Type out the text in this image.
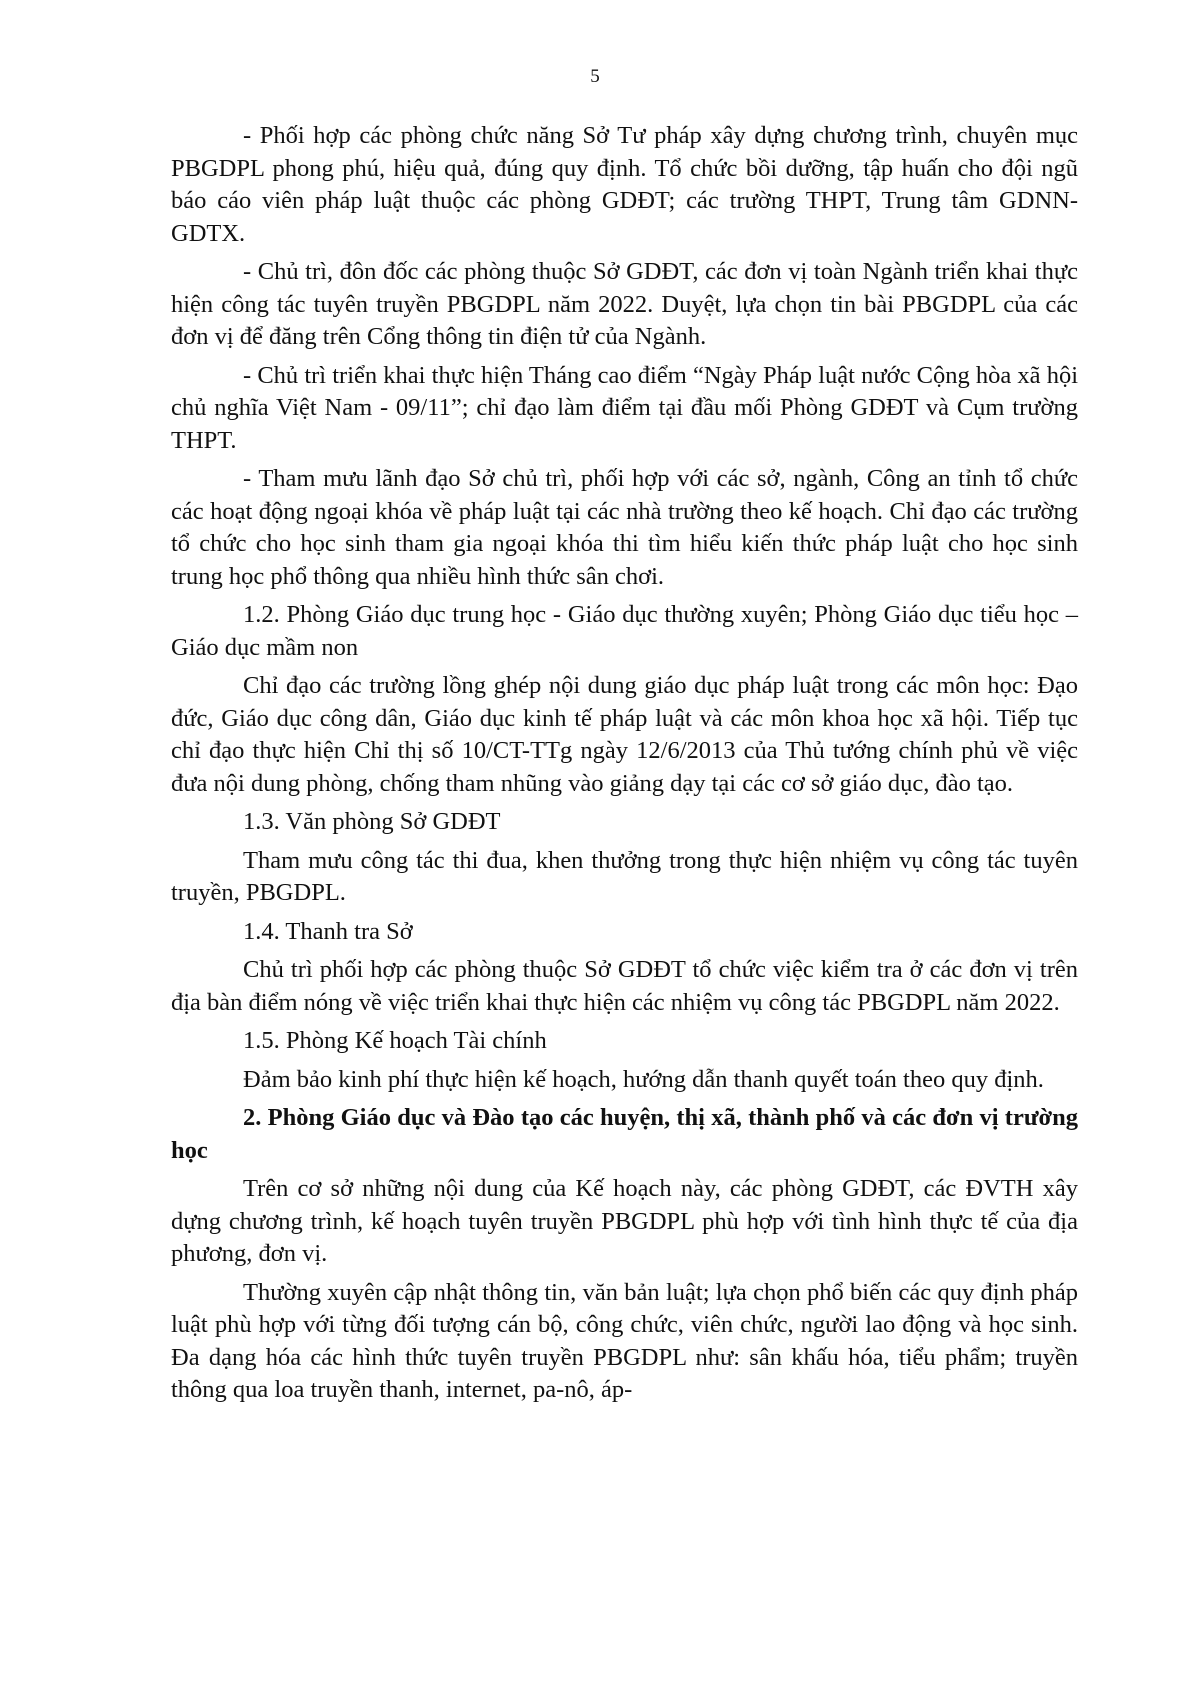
5

- Phối hợp các phòng chức năng Sở Tư pháp xây dựng chương trình, chuyên mục PBGDPL phong phú, hiệu quả, đúng quy định. Tổ chức bồi dưỡng, tập huấn cho đội ngũ báo cáo viên pháp luật thuộc các phòng GDĐT; các trường THPT, Trung tâm GDNN-GDTX.

- Chủ trì, đôn đốc các phòng thuộc Sở GDĐT, các đơn vị toàn Ngành triển khai thực hiện công tác tuyên truyền PBGDPL năm 2022. Duyệt, lựa chọn tin bài PBGDPL của các đơn vị để đăng trên Cổng thông tin điện tử của Ngành.

- Chủ trì triển khai thực hiện Tháng cao điểm “Ngày Pháp luật nước Cộng hòa xã hội chủ nghĩa Việt Nam - 09/11”; chỉ đạo làm điểm tại đầu mối Phòng GDĐT và Cụm trường THPT.

- Tham mưu lãnh đạo Sở chủ trì, phối hợp với các sở, ngành, Công an tỉnh tổ chức các hoạt động ngoại khóa về pháp luật tại các nhà trường theo kế hoạch. Chỉ đạo các trường tổ chức cho học sinh tham gia ngoại khóa thi tìm hiểu kiến thức pháp luật cho học sinh trung học phổ thông qua nhiều hình thức sân chơi.

1.2. Phòng Giáo dục trung học - Giáo dục thường xuyên; Phòng Giáo dục tiểu học – Giáo dục mầm non

Chỉ đạo các trường lồng ghép nội dung giáo dục pháp luật trong các môn học: Đạo đức, Giáo dục công dân, Giáo dục kinh tế pháp luật và các môn khoa học xã hội. Tiếp tục chỉ đạo thực hiện Chỉ thị số 10/CT-TTg ngày 12/6/2013 của Thủ tướng chính phủ về việc đưa nội dung phòng, chống tham nhũng vào giảng dạy tại các cơ sở giáo dục, đào tạo.

1.3. Văn phòng Sở GDĐT

Tham mưu công tác thi đua, khen thưởng trong thực hiện nhiệm vụ công tác tuyên truyền, PBGDPL.

1.4. Thanh tra Sở

Chủ trì phối hợp các phòng thuộc Sở GDĐT tổ chức việc kiểm tra ở các đơn vị trên địa bàn điểm nóng về việc triển khai thực hiện các nhiệm vụ công tác PBGDPL năm 2022.

1.5. Phòng Kế hoạch Tài chính

Đảm bảo kinh phí thực hiện kế hoạch, hướng dẫn thanh quyết toán theo quy định.

2. Phòng Giáo dục và Đào tạo các huyện, thị xã, thành phố và các đơn vị trường học

Trên cơ sở những nội dung của Kế hoạch này, các phòng GDĐT, các ĐVTH xây dựng chương trình, kế hoạch tuyên truyền PBGDPL phù hợp với tình hình thực tế của địa phương, đơn vị.

Thường xuyên cập nhật thông tin, văn bản luật; lựa chọn phổ biến các quy định pháp luật phù hợp với từng đối tượng cán bộ, công chức, viên chức, người lao động và học sinh. Đa dạng hóa các hình thức tuyên truyền PBGDPL như: sân khấu hóa, tiểu phẩm; truyền thông qua loa truyền thanh, internet, pa-nô, áp-
